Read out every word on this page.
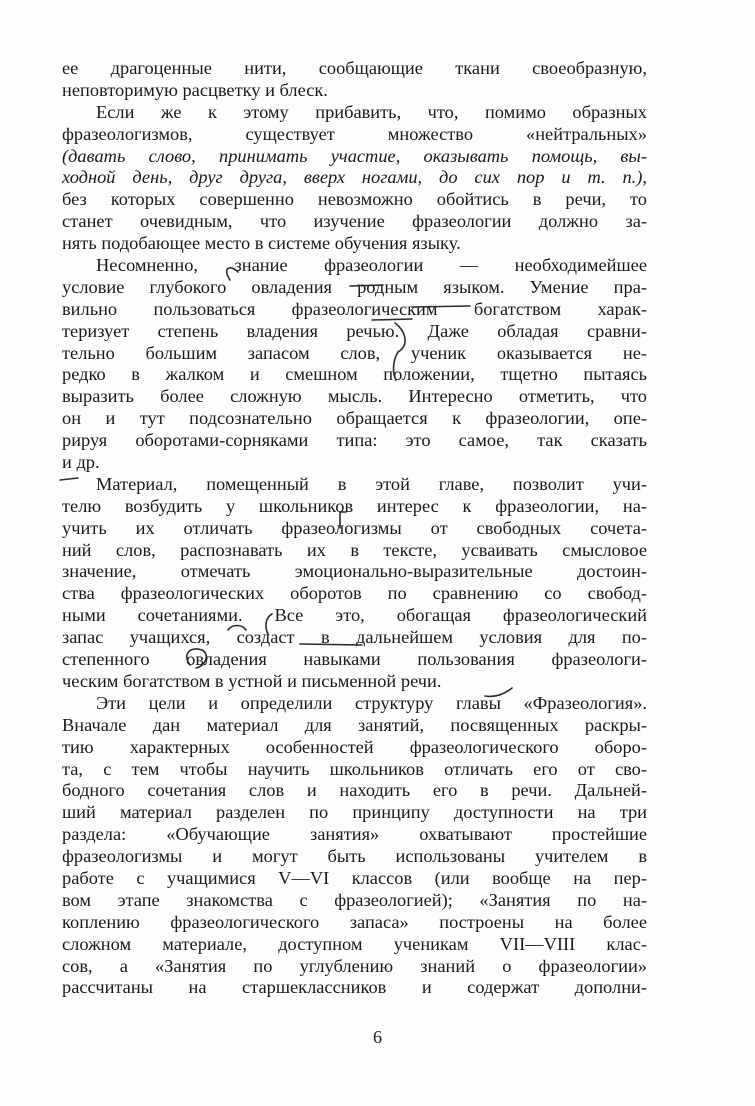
ее драгоценные нити, сообщающие ткани своеобразную,
неповторимую расцветку и блеск.
Если же к этому прибавить, что, помимо образных
фразеологизмов, существует множество «нейтральных»
(давать слово, принимать участие, оказывать помощь, вы-
ходной день, друг друга, вверх ногами, до сих пор и т. п.),
без которых совершенно невозможно обойтись в речи, то
станет очевидным, что изучение фразеологии должно за-
нять подобающее место в системе обучения языку.
Несомненно, знание фразеологии — необходимейшее
условие глубокого овладения родным языком. Умение пра-
вильно пользоваться фразеологическим богатством харак-
теризует степень владения речью. Даже обладая сравни-
тельно большим запасом слов, ученик оказывается не-
редко в жалком и смешном положении, тщетно пытаясь
выразить более сложную мысль. Интересно отметить, что
он и тут подсознательно обращается к фразеологии, опе-
рируя оборотами-сорняками типа: это самое, так сказать
и др.
Материал, помещенный в этой главе, позволит учи-
телю возбудить у школьников интерес к фразеологии, на-
учить их отличать фразеологизмы от свободных сочета-
ний слов, распознавать их в тексте, усваивать смысловое
значение, отмечать эмоционально-выразительные достоин-
ства фразеологических оборотов по сравнению со свобод-
ными сочетаниями. Все это, обогащая фразеологический
запас учащихся, создаст в дальнейшем условия для по-
степенного овладения навыками пользования фразеологи-
ческим богатством в устной и письменной речи.
Эти цели и определили структуру главы «Фразеология».
Вначале дан материал для занятий, посвященных раскры-
тию характерных особенностей фразеологического оборо-
та, с тем чтобы научить школьников отличать его от сво-
бодного сочетания слов и находить его в речи. Дальней-
ший материал разделен по принципу доступности на три
раздела: «Обучающие занятия» охватывают простейшие
фразеологизмы и могут быть использованы учителем в
работе с учащимися V—VI классов (или вообще на пер-
вом этапе знакомства с фразеологией); «Занятия по на-
коплению фразеологического запаса» построены на более
сложном материале, доступном ученикам VII—VIII клас-
сов, а «Занятия по углублению знаний о фразеологии»
рассчитаны на старшеклассников и содержат дополни-
6
